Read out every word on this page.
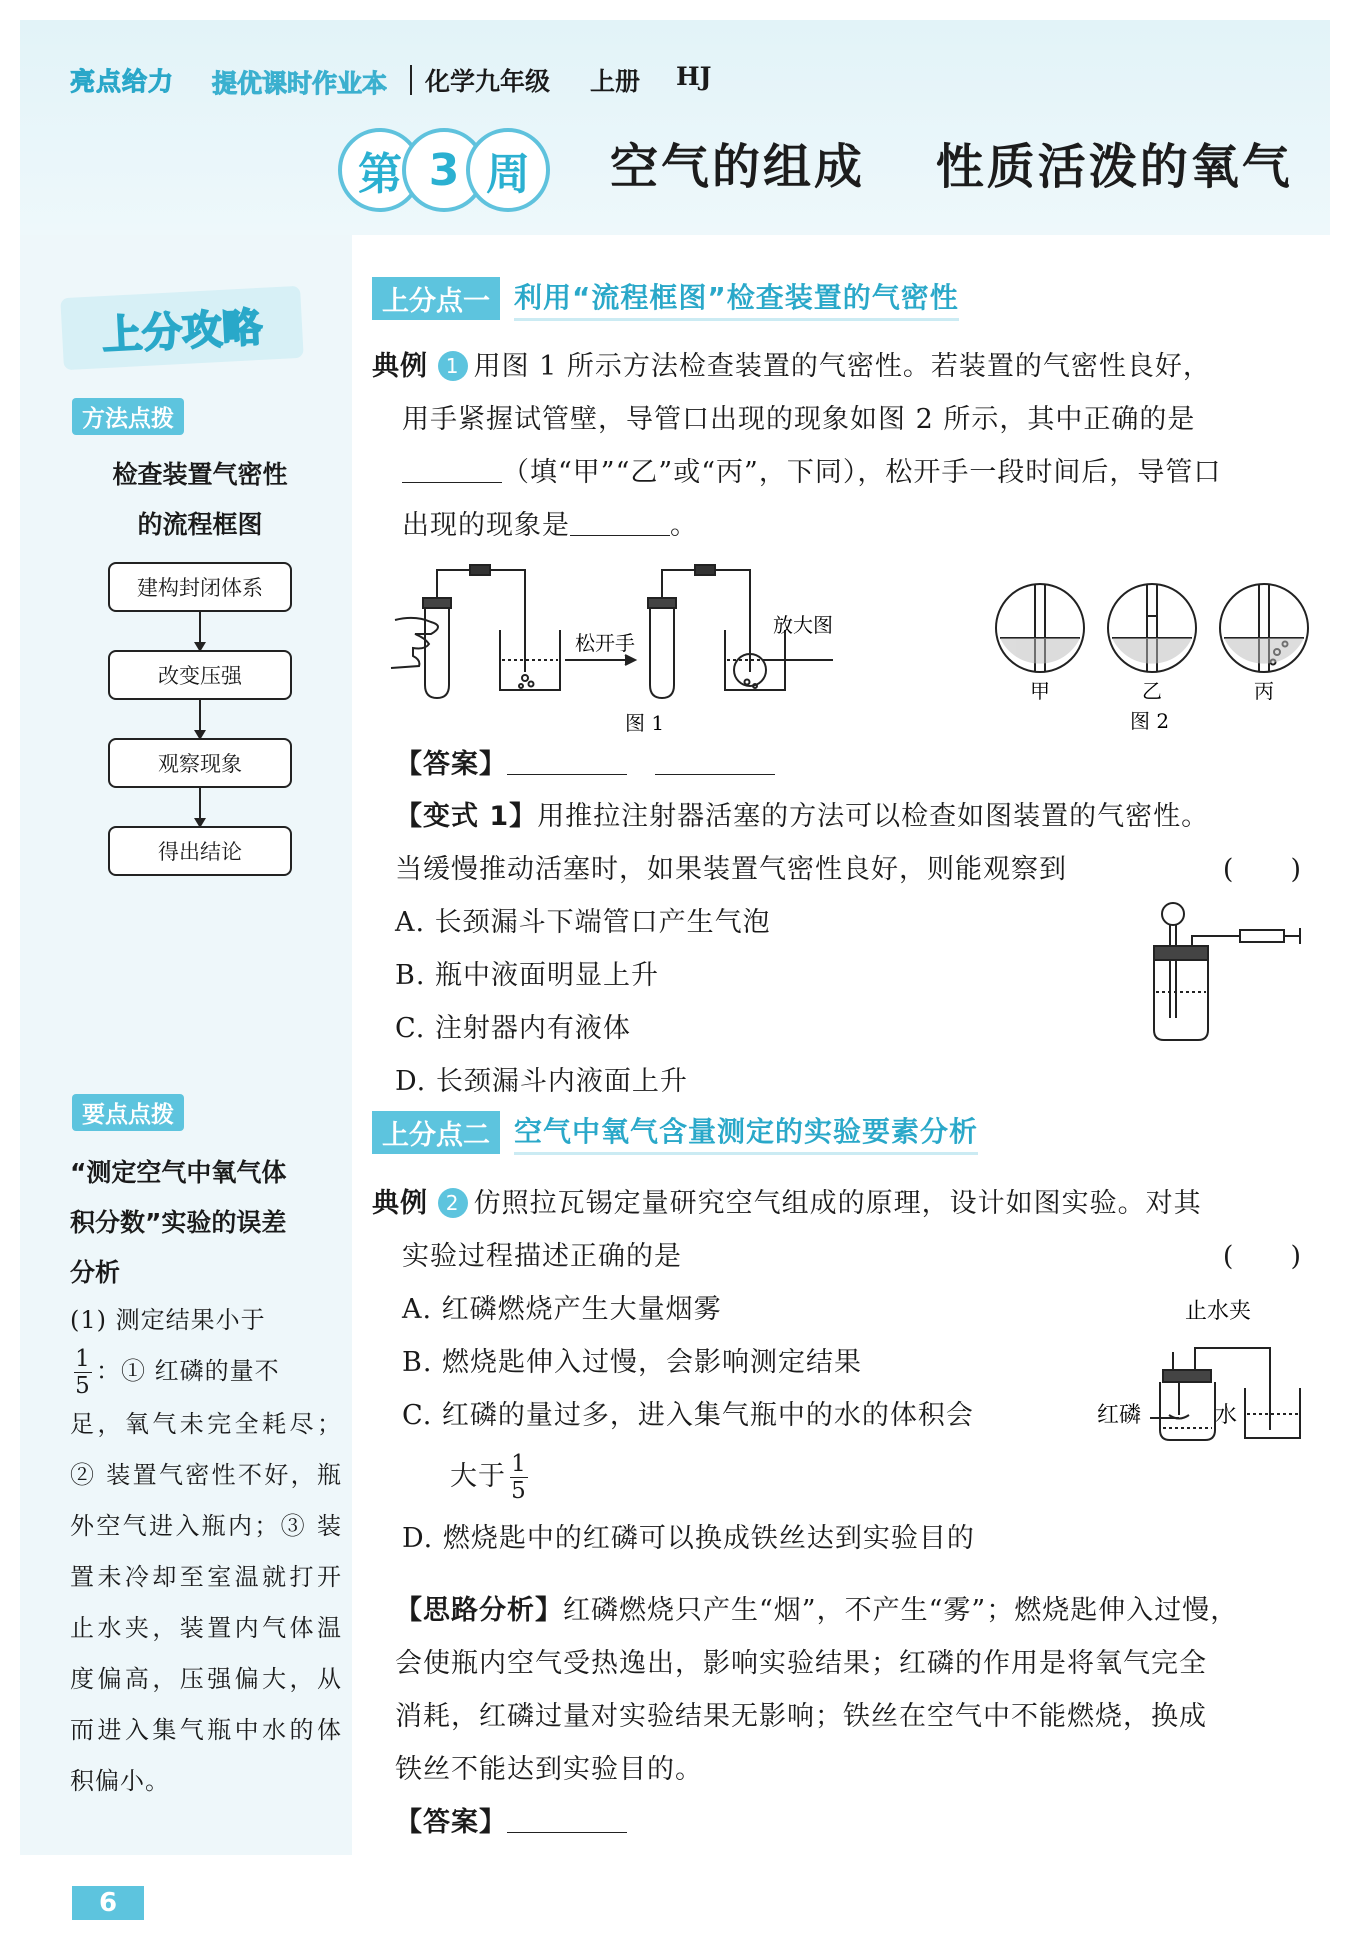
亮点给力 提优课时作业本 化学九年级 上册 HJ
第 3 周	空气的组成　 性质活泼的氧气
上分攻略
方法点拨
检查装置气密性
的流程框图
建构封闭体系
改变压强
观察现象
得出结论
要点点拨
“测定空气中氧气体
积分数”实验的误差
分析
(1) 测定结果小于
$\frac{1}{5}$ ：① 红磷的量不
足，氧气未完全耗尽；② 装置气密性不好，瓶外空气进入瓶内；③ 装置未冷却至室温就打开止水夹，装置内气体温度偏高，压强偏大，从而进入集气瓶中水的体积偏小。
上分点一 利用“流程框图”检查装置的气密性
典例 1 用图 1 所示方法检查装置的气密性。若装置的气密性良好，
用手紧握试管壁，导管口出现的现象如图 2 所示，其中正确的是
（填“甲”“乙”或“丙”，下同），松开手一段时间后，导管口
出现的现象是	。
松开手
放大图
图 1
甲	乙	丙
图 2
【答案】　
【变式 1】用推拉注射器活塞的方法可以检查如图装置的气密性。
当缓慢推动活塞时，如果装置气密性良好，则能观察到	(　　)
A. 长颈漏斗下端管口产生气泡
B. 瓶中液面明显上升
C. 注射器内有液体
D. 长颈漏斗内液面上升
上分点二 空气中氧气含量测定的实验要素分析
典例 2 仿照拉瓦锡定量研究空气组成的原理，设计如图实验。对其
实验过程描述正确的是	(　　)
A. 红磷燃烧产生大量烟雾
B. 燃烧匙伸入过慢，会影响测定结果
C. 红磷的量过多，进入集气瓶中的水的体积会
大于 $\frac{1}{5}$
D. 燃烧匙中的红磷可以换成铁丝达到实验目的
止水夹
红磷	水
【思路分析】红磷燃烧只产生“烟”，不产生“雾”；燃烧匙伸入过慢，
会使瓶内空气受热逸出，影响实验结果；红磷的作用是将氧气完全
消耗，红磷过量对实验结果无影响；铁丝在空气中不能燃烧，换成
铁丝不能达到实验目的。
【答案】
6
